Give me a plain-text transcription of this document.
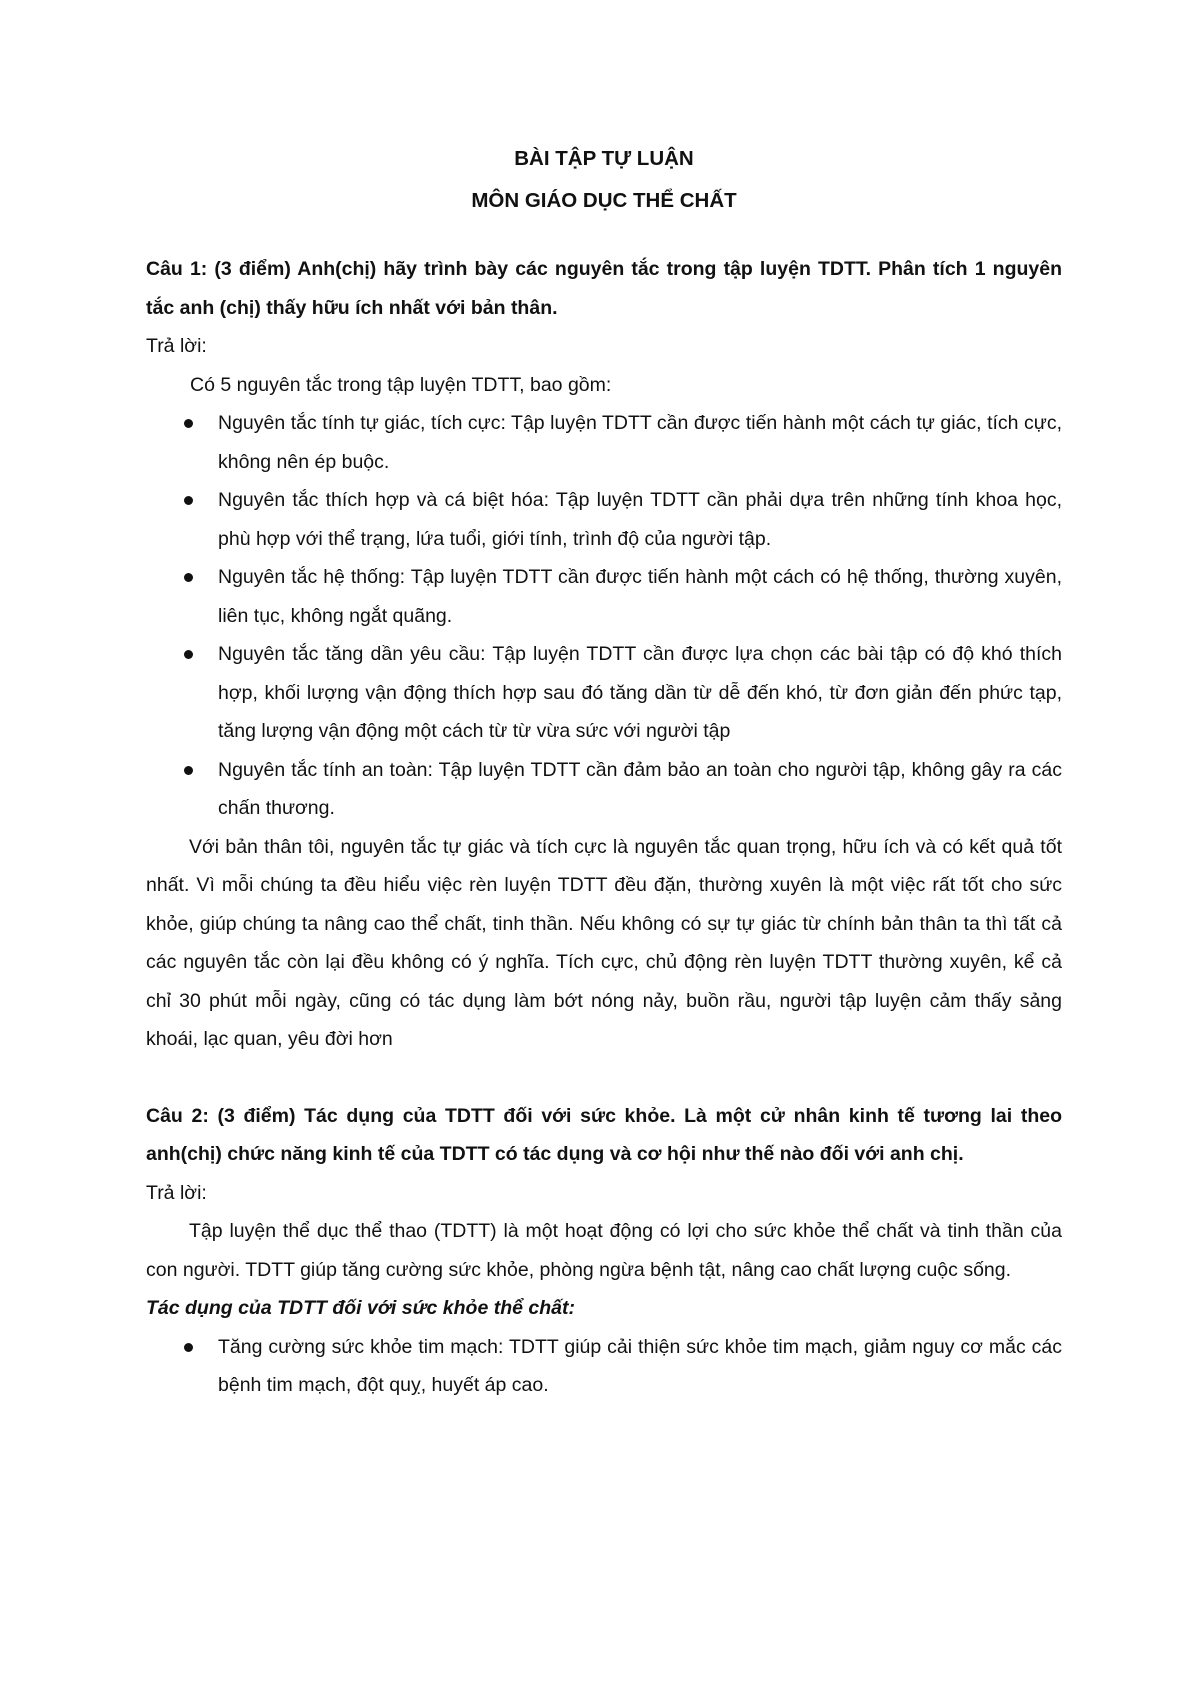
BÀI TẬP TỰ LUẬN
MÔN GIÁO DỤC THỂ CHẤT

Câu 1: (3 điểm) Anh(chị) hãy trình bày các nguyên tắc trong tập luyện TDTT. Phân tích 1 nguyên tắc anh (chị) thấy hữu ích nhất với bản thân.

Trả lời:

Có 5 nguyên tắc trong tập luyện TDTT, bao gồm:

Nguyên tắc tính tự giác, tích cực: Tập luyện TDTT cần được tiến hành một cách tự giác, tích cực, không nên ép buộc.
Nguyên tắc thích hợp và cá biệt hóa: Tập luyện TDTT cần phải dựa trên những tính khoa học, phù hợp với thể trạng, lứa tuổi, giới tính, trình độ của người tập.
Nguyên tắc hệ thống: Tập luyện TDTT cần được tiến hành một cách có hệ thống, thường xuyên, liên tục, không ngắt quãng.
Nguyên tắc tăng dần yêu cầu: Tập luyện TDTT cần được lựa chọn các bài tập có độ khó thích hợp, khối lượng vận động thích hợp sau đó tăng dần từ dễ đến khó, từ đơn giản đến phức tạp, tăng lượng vận động một cách từ từ vừa sức với người tập
Nguyên tắc tính an toàn: Tập luyện TDTT cần đảm bảo an toàn cho người tập, không gây ra các chấn thương.

Với bản thân tôi, nguyên tắc tự giác và tích cực là nguyên tắc quan trọng, hữu ích và có kết quả tốt nhất. Vì mỗi chúng ta đều hiểu việc rèn luyện TDTT đều đặn, thường xuyên là một việc rất tốt cho sức khỏe, giúp chúng ta nâng cao thể chất, tinh thần. Nếu không có sự tự giác từ chính bản thân ta thì tất cả các nguyên tắc còn lại đều không có ý nghĩa. Tích cực, chủ động rèn luyện TDTT thường xuyên, kể cả chỉ 30 phút mỗi ngày, cũng có tác dụng làm bớt nóng nảy, buồn rầu, người tập luyện cảm thấy sảng khoái, lạc quan, yêu đời hơn

Câu 2: (3 điểm) Tác dụng của TDTT đối với sức khỏe. Là một cử nhân kinh tế tương lai theo anh(chị) chức năng kinh tế của TDTT có tác dụng và cơ hội như thế nào đối với anh chị.

Trả lời:

Tập luyện thể dục thể thao (TDTT) là một hoạt động có lợi cho sức khỏe thể chất và tinh thần của con người. TDTT giúp tăng cường sức khỏe, phòng ngừa bệnh tật, nâng cao chất lượng cuộc sống.

Tác dụng của TDTT đối với sức khỏe thể chất:

Tăng cường sức khỏe tim mạch: TDTT giúp cải thiện sức khỏe tim mạch, giảm nguy cơ mắc các bệnh tim mạch, đột quỵ, huyết áp cao.
